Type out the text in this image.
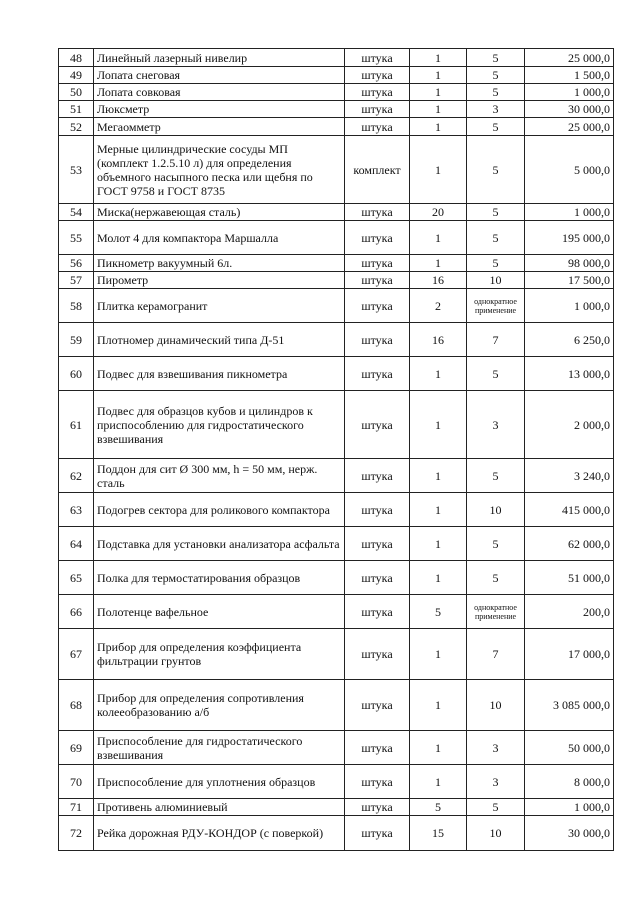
48	Линейный лазерный нивелир	штука	1	5	25 000,0
49	Лопата снеговая	штука	1	5	1 500,0
50	Лопата совковая	штука	1	5	1 000,0
51	Люксметр	штука	1	3	30 000,0
52	Мегаомметр	штука	1	5	25 000,0
53	Мерные цилиндрические сосуды МП (комплект 1.2.5.10 л) для определения объемного насыпного песка или щебня по ГОСТ 9758 и ГОСТ 8735	комплект	1	5	5 000,0
54	Миска(нержавеющая сталь)	штука	20	5	1 000,0
55	Молот 4 для компактора Маршалла	штука	1	5	195 000,0
56	Пикнометр вакуумный 6л.	штука	1	5	98 000,0
57	Пирометр	штука	16	10	17 500,0
58	Плитка керамогранит	штука	2	однократное применение	1 000,0
59	Плотномер динамический типа Д-51	штука	16	7	6 250,0
60	Подвес для взвешивания пикнометра	штука	1	5	13 000,0
61	Подвес для образцов кубов и цилиндров к приспособлению для гидростатического взвешивания	штука	1	3	2 000,0
62	Поддон для сит Ø 300 мм, h = 50 мм, нерж. сталь	штука	1	5	3 240,0
63	Подогрев сектора для роликового компактора	штука	1	10	415 000,0
64	Подставка для установки анализатора асфальта	штука	1	5	62 000,0
65	Полка для термостатирования образцов	штука	1	5	51 000,0
66	Полотенце вафельное	штука	5	однократное применение	200,0
67	Прибор для определения коэффициента фильтрации грунтов	штука	1	7	17 000,0
68	Прибор для определения сопротивления колееобразованию а/б	штука	1	10	3 085 000,0
69	Приспособление для гидростатического взвешивания	штука	1	3	50 000,0
70	Приспособление для уплотнения образцов	штука	1	3	8 000,0
71	Противень алюминиевый	штука	5	5	1 000,0
72	Рейка дорожная РДУ-КОНДОР (с поверкой)	штука	15	10	30 000,0
